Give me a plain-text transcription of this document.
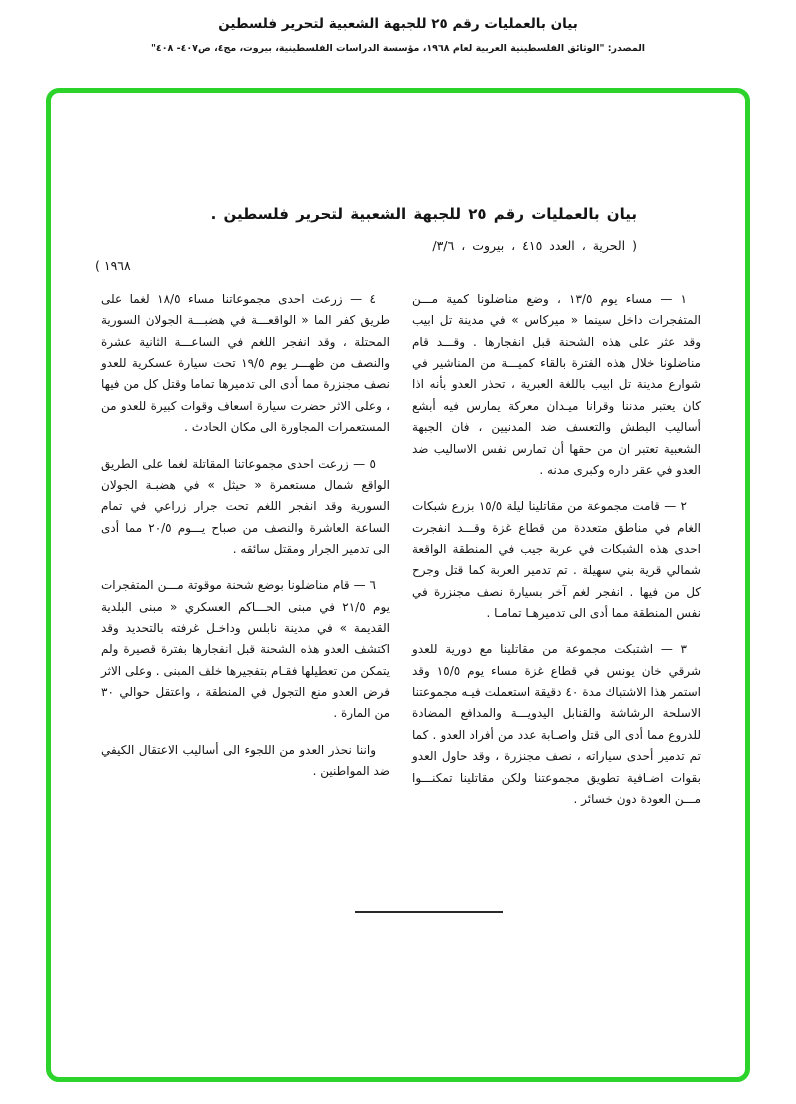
بيان بالعمليات رقم ٢٥ للجبهة الشعبية لتحرير فلسطين
المصدر: "الوثائق الفلسطينية العربية لعام ١٩٦٨، مؤسسة الدراسات الفلسطينية، بيروت، مج٤، ص٤٠٧- ٤٠٨"
بيان بالعمليات رقم ٢٥ للجبهة الشعبية لتحرير فلسطين .
( الحرية ، العدد ٤١٥ ، بيروت ، ٣/٦/
١٩٦٨ )

١ — مساء يوم ١٣/٥ ، وضع مناضلونا كمية مـــن المتفجرات داخل سينما « ميركاس » في مدينة تل ابيب وقد عثر على هذه الشحنة قبل انفجارها . وقـــد قام مناضلونا خلال هذه الفترة بالقاء كميـــة من المناشير في شوارع مدينة تل ابيب باللغة العبرية ، تحذر العدو بأنه اذا كان يعتبر مدننا وقرانا ميـدان معركة يمارس فيه أبشع أساليب البطش والتعسف ضد المدنيين ، فان الجبهة الشعبية تعتبر ان من حقها أن تمارس نفس الاساليب ضد العدو في عقر داره وكبرى مدنه .

٢ — قامت مجموعة من مقاتلينا ليلة ١٥/٥ بزرع شبكات الغام في مناطق متعددة من قطاع غزة وقـــد انفجرت احدى هذه الشبكات في عربة جيب في المنطقة الواقعة شمالي قرية بني سهيلة . تم تدمير العربة كما قتل وجرح كل من فيها . انفجر لغم آخر بسيارة نصف مجنزرة في نفس المنطقة مما أدى الى تدميرهـا تمامـا .

٣ — اشتبكت مجموعة من مقاتلينا مع دورية للعدو شرقي خان يونس في قطاع غزة مساء يوم ١٥/٥ وقد استمر هذا الاشتباك مدة ٤٠ دقيقة استعملت فيـه مجموعتنا الاسلحة الرشاشة والقنابل اليدويـــة والمدافع المضادة للدروع مما أدى الى قتل واصـابة عدد من أفراد العدو . كما تم تدمير أحدى سياراته ، نصف مجنزرة ، وقد حاول العدو بقوات اضـافية تطويق مجموعتنا ولكن مقاتلينا تمكنـــوا مـــن العودة دون خسائر .

٤ — زرعت احدى مجموعاتنا مساء ١٨/٥ لغما على طريق كفر الما « الواقعـــة في هضبـــة الجولان السورية المحتلة ، وقد انفجر اللغم في الساعـــة الثانية عشرة والنصف من ظهـــر يوم ١٩/٥ تحت سيارة عسكرية للعدو نصف مجنزرة مما أدى الى تدميرها تماما وقتل كل من فيها ، وعلى الاثر حضرت سيارة اسعاف وقوات كبيرة للعدو من المستعمرات المجاورة الى مكان الحادث .

٥ — زرعت احدى مجموعاتنا المقاتلة لغما على الطريق الواقع شمال مستعمرة « حيثل » في هضبـة الجولان السورية وقد انفجر اللغم تحت جرار زراعي في تمام الساعة العاشرة والنصف من صباح يـــوم ٢٠/٥ مما أدى الى تدمير الجرار ومقتل سائقه .

٦ — قام مناضلونا بوضع شحنة موقوتة مـــن المتفجرات يوم ٢١/٥ في مبنى الحـــاكم العسكري « مبنى البلدية القديمة » في مدينة نابلس وداخـل غرفته بالتحديد وقد اكتشف العدو هذه الشحنة قبل انفجارها بفترة قصيرة ولم يتمكن من تعطيلها فقـام بتفجيرها خلف المبنى . وعلى الاثر فرض العدو منع التجول في المنطقة ، واعتقل حوالي ٣٠ من المارة .

واننا نحذر العدو من اللجوء الى أساليب الاعتقال الكيفي ضد المواطنين .
